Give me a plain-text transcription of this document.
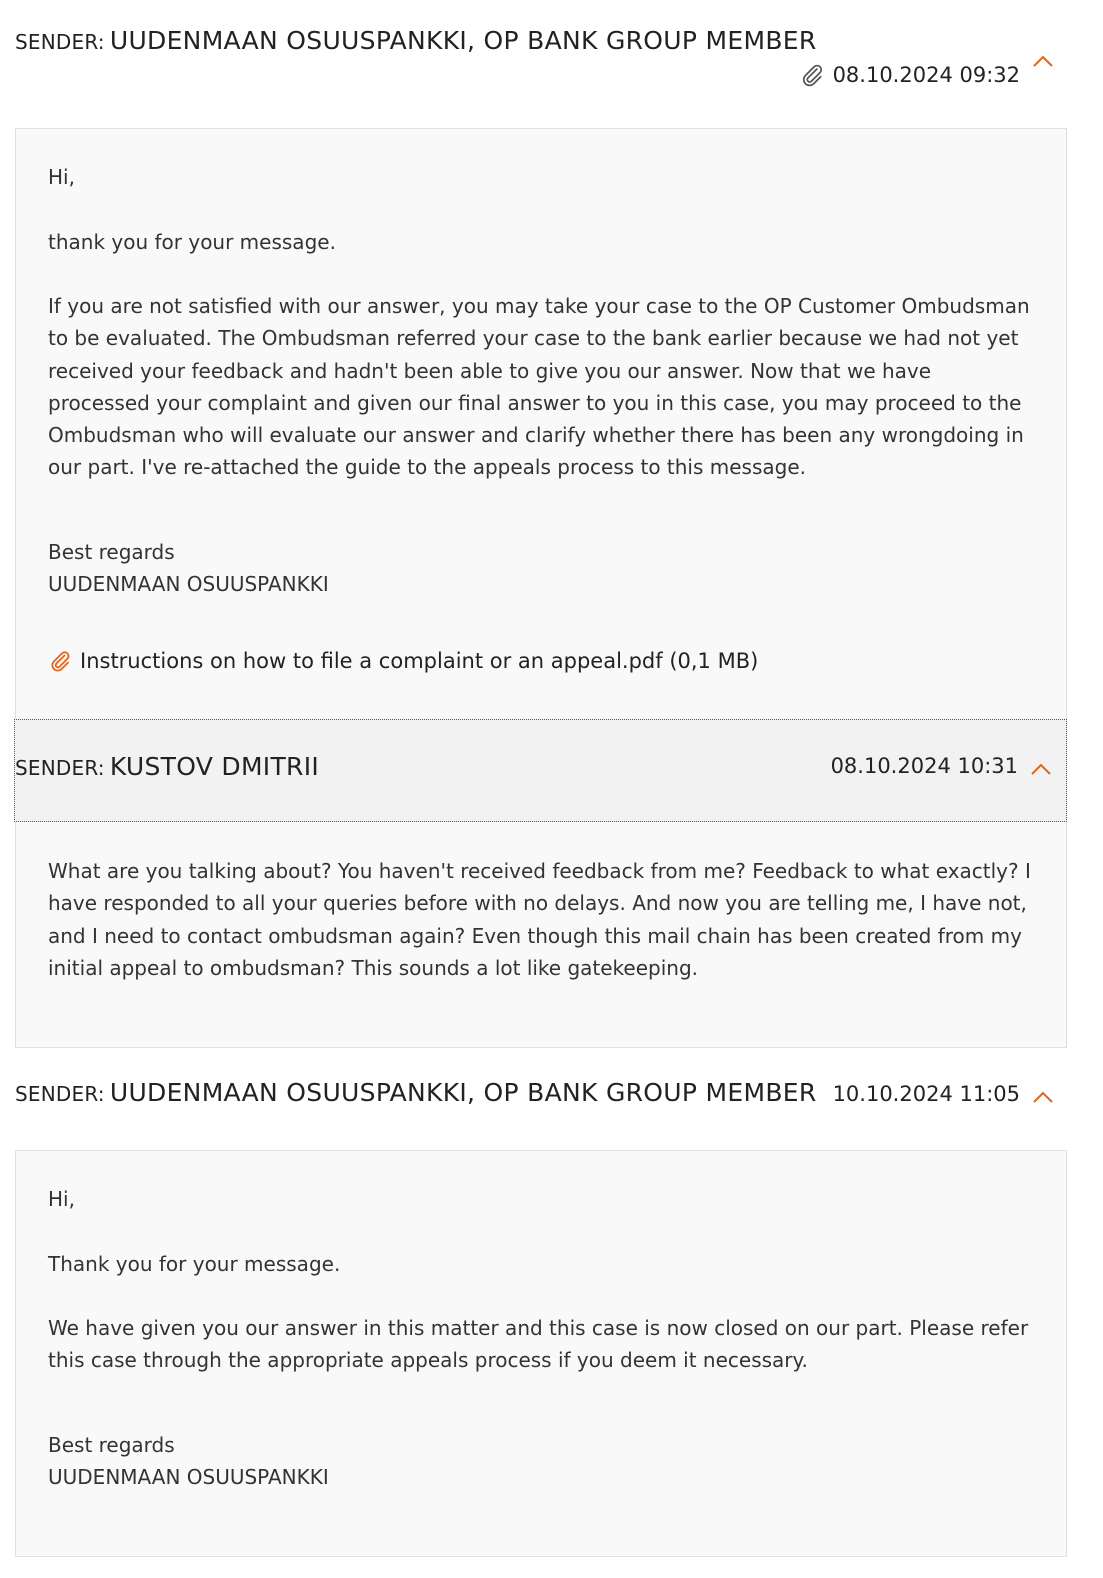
SENDER: UUDENMAAN OSUUSPANKKI, OP BANK GROUP MEMBER
08.10.2024 09:32

Hi,

thank you for your message.

If you are not satisfied with our answer, you may take your case to the OP Customer Ombudsman to be evaluated. The Ombudsman referred your case to the bank earlier because we had not yet received your feedback and hadn't been able to give you our answer. Now that we have processed your complaint and given our final answer to you in this case, you may proceed to the Ombudsman who will evaluate our answer and clarify whether there has been any wrongdoing in our part. I've re-attached the guide to the appeals process to this message.

Best regards
UUDENMAAN OSUUSPANKKI

Instructions on how to file a complaint or an appeal.pdf (0,1 MB)
SENDER: KUSTOV DMITRII	08.10.2024 10:31

What are you talking about? You haven't received feedback from me? Feedback to what exactly? I have responded to all your queries before with no delays. And now you are telling me, I have not, and I need to contact ombudsman again? Even though this mail chain has been created from my initial appeal to ombudsman? This sounds a lot like gatekeeping.

SENDER: UUDENMAAN OSUUSPANKKI, OP BANK GROUP MEMBER 10.10.2024 11:05

Hi,

Thank you for your message.

We have given you our answer in this matter and this case is now closed on our part. Please refer this case through the appropriate appeals process if you deem it necessary.

Best regards
UUDENMAAN OSUUSPANKKI
